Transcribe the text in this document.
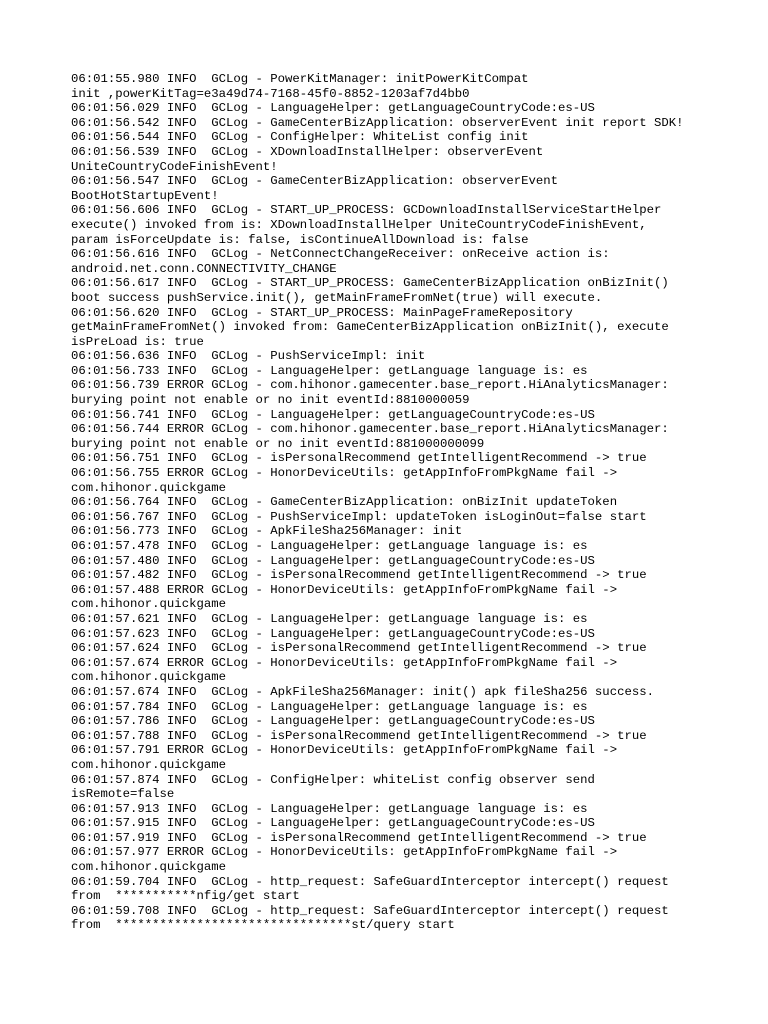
06:01:55.980 INFO  GCLog - PowerKitManager: initPowerKitCompat
init ,powerKitTag=e3a49d74-7168-45f0-8852-1203af7d4bb0
06:01:56.029 INFO  GCLog - LanguageHelper: getLanguageCountryCode:es-US
06:01:56.542 INFO  GCLog - GameCenterBizApplication: observerEvent init report SDK!
06:01:56.544 INFO  GCLog - ConfigHelper: WhiteList config init
06:01:56.539 INFO  GCLog - XDownloadInstallHelper: observerEvent
UniteCountryCodeFinishEvent!
06:01:56.547 INFO  GCLog - GameCenterBizApplication: observerEvent
BootHotStartupEvent!
06:01:56.606 INFO  GCLog - START_UP_PROCESS: GCDownloadInstallServiceStartHelper
execute() invoked from is: XDownloadInstallHelper UniteCountryCodeFinishEvent,
param isForceUpdate is: false, isContinueAllDownload is: false
06:01:56.616 INFO  GCLog - NetConnectChangeReceiver: onReceive action is:
android.net.conn.CONNECTIVITY_CHANGE
06:01:56.617 INFO  GCLog - START_UP_PROCESS: GameCenterBizApplication onBizInit()
boot success pushService.init(), getMainFrameFromNet(true) will execute.
06:01:56.620 INFO  GCLog - START_UP_PROCESS: MainPageFrameRepository
getMainFrameFromNet() invoked from: GameCenterBizApplication onBizInit(), execute
isPreLoad is: true
06:01:56.636 INFO  GCLog - PushServiceImpl: init
06:01:56.733 INFO  GCLog - LanguageHelper: getLanguage language is: es
06:01:56.739 ERROR GCLog - com.hihonor.gamecenter.base_report.HiAnalyticsManager:
burying point not enable or no init eventId:8810000059
06:01:56.741 INFO  GCLog - LanguageHelper: getLanguageCountryCode:es-US
06:01:56.744 ERROR GCLog - com.hihonor.gamecenter.base_report.HiAnalyticsManager:
burying point not enable or no init eventId:881000000099
06:01:56.751 INFO  GCLog - isPersonalRecommend getIntelligentRecommend -> true
06:01:56.755 ERROR GCLog - HonorDeviceUtils: getAppInfoFromPkgName fail ->
com.hihonor.quickgame
06:01:56.764 INFO  GCLog - GameCenterBizApplication: onBizInit updateToken
06:01:56.767 INFO  GCLog - PushServiceImpl: updateToken isLoginOut=false start
06:01:56.773 INFO  GCLog - ApkFileSha256Manager: init
06:01:57.478 INFO  GCLog - LanguageHelper: getLanguage language is: es
06:01:57.480 INFO  GCLog - LanguageHelper: getLanguageCountryCode:es-US
06:01:57.482 INFO  GCLog - isPersonalRecommend getIntelligentRecommend -> true
06:01:57.488 ERROR GCLog - HonorDeviceUtils: getAppInfoFromPkgName fail ->
com.hihonor.quickgame
06:01:57.621 INFO  GCLog - LanguageHelper: getLanguage language is: es
06:01:57.623 INFO  GCLog - LanguageHelper: getLanguageCountryCode:es-US
06:01:57.624 INFO  GCLog - isPersonalRecommend getIntelligentRecommend -> true
06:01:57.674 ERROR GCLog - HonorDeviceUtils: getAppInfoFromPkgName fail ->
com.hihonor.quickgame
06:01:57.674 INFO  GCLog - ApkFileSha256Manager: init() apk fileSha256 success.
06:01:57.784 INFO  GCLog - LanguageHelper: getLanguage language is: es
06:01:57.786 INFO  GCLog - LanguageHelper: getLanguageCountryCode:es-US
06:01:57.788 INFO  GCLog - isPersonalRecommend getIntelligentRecommend -> true
06:01:57.791 ERROR GCLog - HonorDeviceUtils: getAppInfoFromPkgName fail ->
com.hihonor.quickgame
06:01:57.874 INFO  GCLog - ConfigHelper: whiteList config observer send
isRemote=false
06:01:57.913 INFO  GCLog - LanguageHelper: getLanguage language is: es
06:01:57.915 INFO  GCLog - LanguageHelper: getLanguageCountryCode:es-US
06:01:57.919 INFO  GCLog - isPersonalRecommend getIntelligentRecommend -> true
06:01:57.977 ERROR GCLog - HonorDeviceUtils: getAppInfoFromPkgName fail ->
com.hihonor.quickgame
06:01:59.704 INFO  GCLog - http_request: SafeGuardInterceptor intercept() request
from  ***********nfig/get start
06:01:59.708 INFO  GCLog - http_request: SafeGuardInterceptor intercept() request
from  ********************************st/query start
